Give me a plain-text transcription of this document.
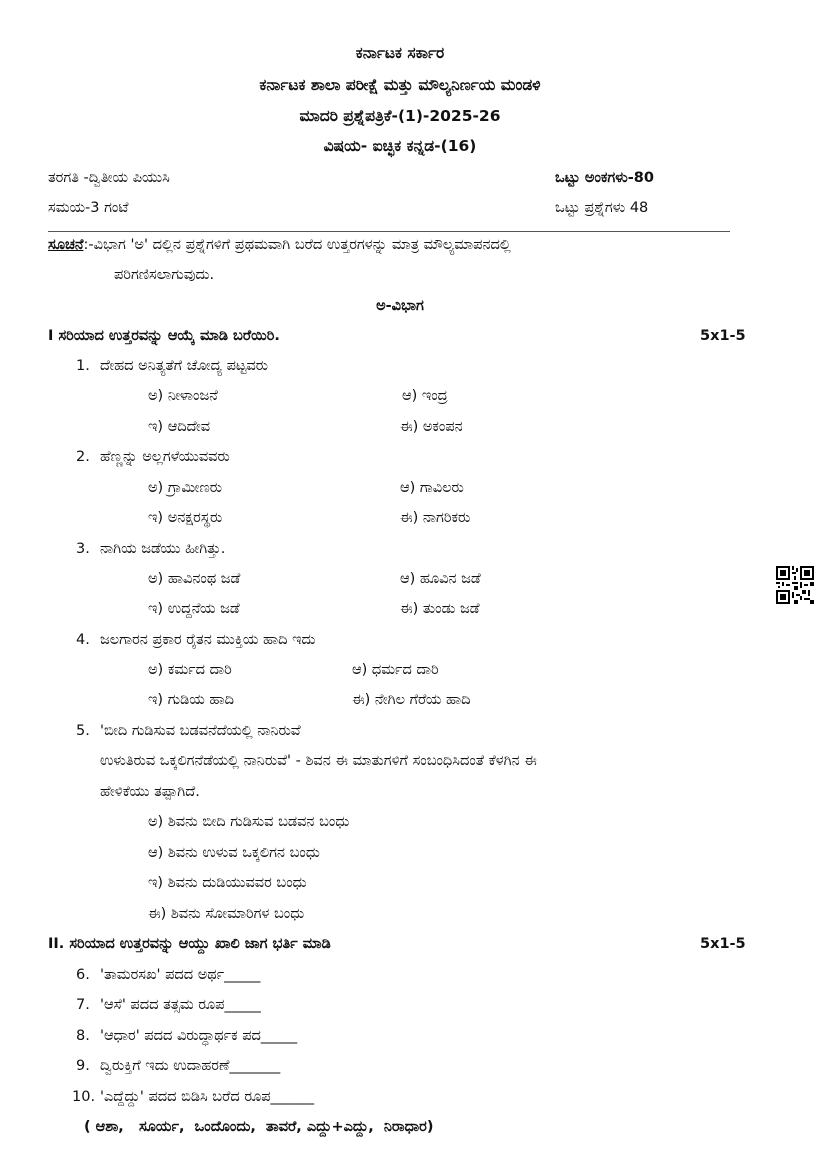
ಕರ್ನಾಟಕ ಸರ್ಕಾರ
ಕರ್ನಾಟಕ ಶಾಲಾ ಪರೀಕ್ಷೆ ಮತ್ತು ಮೌಲ್ಯನಿರ್ಣಯ ಮಂಡಳಿ
ಮಾದರಿ ಪ್ರಶ್ನೆಪತ್ರಿಕೆ-(1)-2025-26
ವಿಷಯ- ಐಚ್ಛಿಕ ಕನ್ನಡ-(16)
ತರಗತಿ -ದ್ವಿತೀಯ ಪಿಯುಸಿ	ಒಟ್ಟು ಅಂಕಗಳು-80
ಸಮಯ-3 ಗಂಟೆ	ಒಟ್ಟು ಪ್ರಶ್ನೆಗಳು 48
ಸೂಚನೆ:-ವಿಭಾಗ 'ಅ' ದಲ್ಲಿನ ಪ್ರಶ್ನೆಗಳಿಗೆ ಪ್ರಥಮವಾಗಿ ಬರೆದ ಉತ್ತರಗಳನ್ನು ಮಾತ್ರ ಮೌಲ್ಯಮಾಪನದಲ್ಲಿ
ಪರಿಗಣಿಸಲಾಗುವುದು.
ಅ-ವಿಭಾಗ
I ಸರಿಯಾದ ಉತ್ತರವನ್ನು ಆಯ್ಕೆ ಮಾಡಿ ಬರೆಯಿರಿ.	5x1-5
1. ದೇಹದ ಅನಿತ್ಯತೆಗೆ ಚೋದ್ಯ ಪಟ್ಟವರು
ಅ) ನೀಳಾಂಜನೆ	ಆ) ಇಂದ್ರ
ಇ) ಆದಿದೇವ	ಈ) ಅಕಂಪನ
2. ಹೆಣ್ಣನ್ನು ಅಲ್ಲಗಳೆಯುವವರು
ಅ) ಗ್ರಾಮೀಣರು	ಆ) ಗಾವಿಲರು
ಇ) ಅನಕ್ಷರಸ್ಥರು	ಈ) ನಾಗರಿಕರು
3. ನಾಗಿಯ ಜಡೆಯು ಹೀಗಿತ್ತು.
ಅ) ಹಾವಿನಂಥ ಜಡೆ	ಆ) ಹೂವಿನ ಜಡೆ
ಇ) ಉದ್ದನೆಯ ಜಡೆ	ಈ) ತುಂಡು ಜಡೆ
4. ಜಲಗಾರನ ಪ್ರಕಾರ ರೈತನ ಮುಕ್ತಿಯ ಹಾದಿ ಇದು
ಅ) ಕರ್ಮದ ದಾರಿ	ಆ) ಧರ್ಮದ ದಾರಿ
ಇ) ಗುಡಿಯ ಹಾದಿ	ಈ) ನೇಗಿಲ ಗೆರೆಯ ಹಾದಿ
5. 'ಬೀದಿ ಗುಡಿಸುವ ಬಡವನೆದೆಯಲ್ಲಿ ನಾನಿರುವೆ
ಉಳುತಿರುವ ಒಕ್ಕಲಿಗನೆಡೆಯಲ್ಲಿ ನಾನಿರುವೆ' - ಶಿವನ ಈ ಮಾತುಗಳಿಗೆ ಸಂಬಂಧಿಸಿದಂತೆ ಕೆಳಗಿನ ಈ
ಹೇಳಿಕೆಯು ತಪ್ಪಾಗಿದೆ.
ಅ) ಶಿವನು ಬೀದಿ ಗುಡಿಸುವ ಬಡವನ ಬಂಧು
ಆ) ಶಿವನು ಉಳುವ ಒಕ್ಕಲಿಗನ ಬಂಧು
ಇ) ಶಿವನು ದುಡಿಯುವವರ ಬಂಧು
ಈ) ಶಿವನು ಸೋಮಾರಿಗಳ ಬಂಧು
II. ಸರಿಯಾದ ಉತ್ತರವನ್ನು ಆಯ್ದು ಖಾಲಿ ಜಾಗ ಭರ್ತಿ ಮಾಡಿ	5x1-5
6. 'ತಾಮರಸಖ' ಪದದ ಅರ್ಥ_____
7. 'ಆಸೆ' ಪದದ ತತ್ಸಮ ರೂಪ_____
8. 'ಆಧಾರ' ಪದದ ವಿರುದ್ಧಾರ್ಥಕ ಪದ_____
9. ದ್ವಿರುಕ್ತಿಗೆ ಇದು ಉದಾಹರಣೆ_______
10. 'ಎದ್ದೆದ್ದು' ಪದದ ಬಿಡಿಸಿ ಬರೆದ ರೂಪ______
( ಆಶಾ,   ಸೂರ್ಯ,  ಒಂದೊಂದು,  ತಾವರೆ, ಎದ್ದು+ಎದ್ದು,  ನಿರಾಧಾರ)
